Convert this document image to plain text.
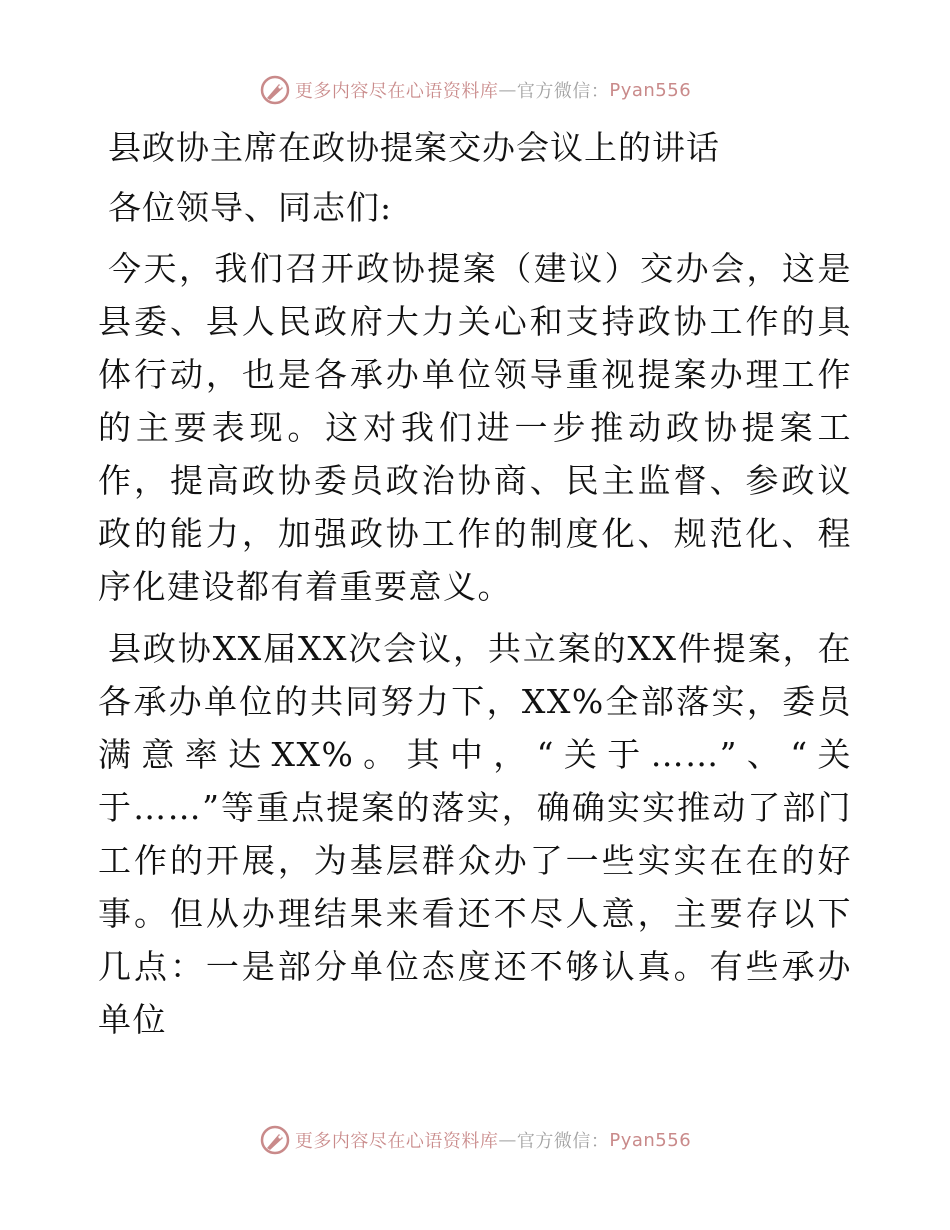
更多内容尽在心语资料库 — 官方微信： Pyan556

县政协主席在政协提案交办会议上的讲话

各位领导、同志们:

今天，我们召开政协提案（建议）交办会，这是县委、县人民政府大力关心和支持政协工作的具体行动，也是各承办单位领导重视提案办理工作的主要表现。这对我们进一步推动政协提案工作，提高政协委员政治协商、民主监督、参政议政的能力，加强政协工作的制度化、规范化、程序化建设都有着重要意义。

县政协XX届XX次会议，共立案的XX件提案，在各承办单位的共同努力下，XX%全部落实，委员满意率达XX%。其中，“关于……”、“关于……”等重点提案的落实，确确实实推动了部门工作的开展，为基层群众办了一些实实在在的好事。但从办理结果来看还不尽人意，主要存以下几点：一是部分单位态度还不够认真。有些承办单位

更多内容尽在心语资料库 — 官方微信： Pyan556
